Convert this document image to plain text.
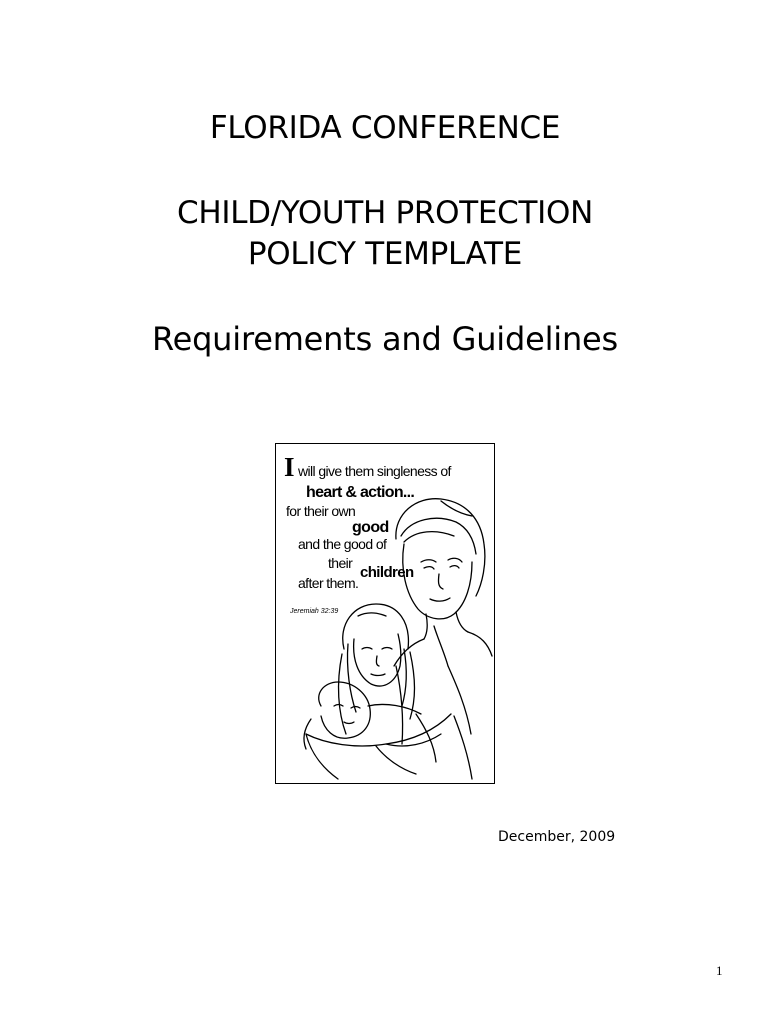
FLORIDA CONFERENCE
CHILD/YOUTH PROTECTION
POLICY TEMPLATE
Requirements and Guidelines
I will give them singleness of
heart & action...
for their own
good
and the good of
their
children
after them.
Jeremiah 32:39
December, 2009
1
